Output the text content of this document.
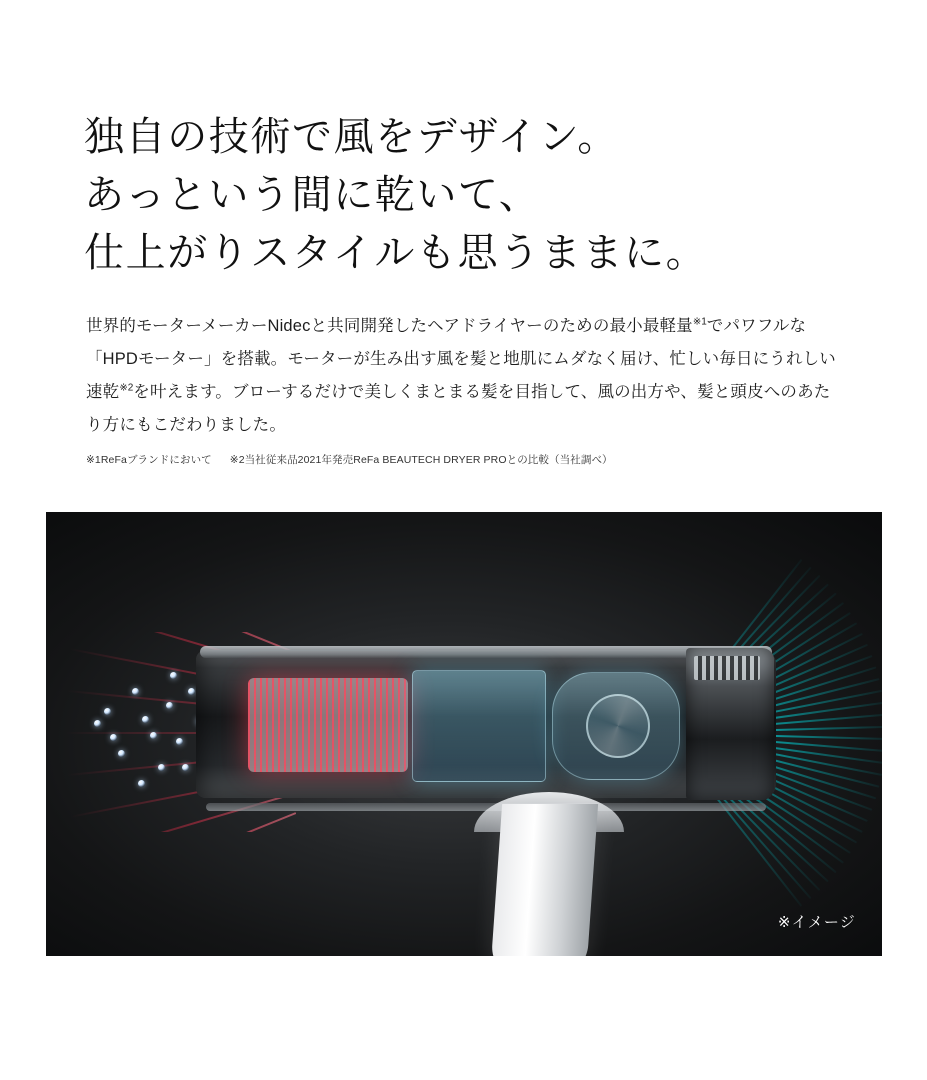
独自の技術で風をデザイン。
あっという間に乾いて、
仕上がりスタイルも思うままに。

世界的モーターメーカーNidecと共同開発したヘアドライヤーのための最小最軽量$^{※1}$でパワフルな「HPDモーター」を搭載。モーターが生み出す風を髪と地肌にムダなく届け、忙しい毎日にうれしい速乾$^{※2}$を叶えます。ブローするだけで美しくまとまる髪を目指して、風の出方や、髪と頭皮へのあたり方にもこだわりました。

※1ReFaブランドにおいて ※2当社従来品2021年発売ReFa BEAUTECH DRYER PROとの比較（当社調べ）
※イメージ
